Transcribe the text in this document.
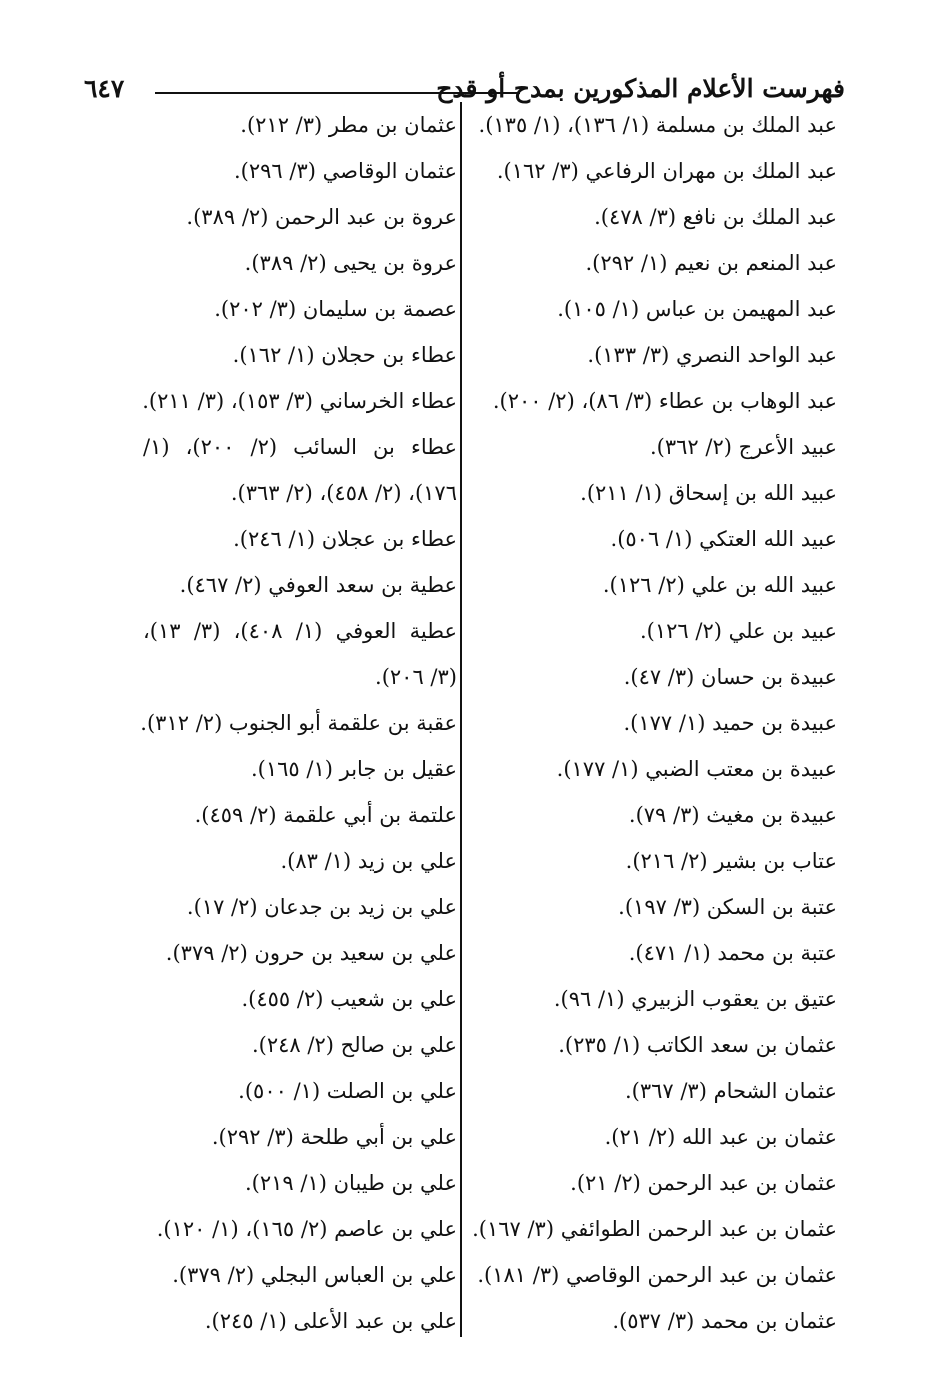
فهرست الأعلام المذكورين بمدح أو قدح
٦٤٧
عبد الملك بن مسلمة (١/ ١٣٦)، (١/ ١٣٥).
عبد الملك بن مهران الرفاعي (٣/ ١٦٢).
عبد الملك بن نافع (٣/ ٤٧٨).
عبد المنعم بن نعيم (١/ ٢٩٢).
عبد المهيمن بن عباس (١/ ١٠٥).
عبد الواحد النصري (٣/ ١٣٣).
عبد الوهاب بن عطاء (٣/ ٨٦)، (٢/ ٢٠٠).
عبيد الأعرج (٢/ ٣٦٢).
عبيد الله بن إسحاق (١/ ٢١١).
عبيد الله العتكي (١/ ٥٠٦).
عبيد الله بن علي (٢/ ١٢٦).
عبيد بن علي (٢/ ١٢٦).
عبيدة بن حسان (٣/ ٤٧).
عبيدة بن حميد (١/ ١٧٧).
عبيدة بن معتب الضبي (١/ ١٧٧).
عبيدة بن مغيث (٣/ ٧٩).
عتاب بن بشير (٢/ ٢١٦).
عتبة بن السكن (٣/ ١٩٧).
عتبة بن محمد (١/ ٤٧١).
عتيق بن يعقوب الزبيري (١/ ٩٦).
عثمان بن سعد الكاتب (١/ ٢٣٥).
عثمان الشحام (٣/ ٣٦٧).
عثمان بن عبد الله (٢/ ٢١).
عثمان بن عبد الرحمن (٢/ ٢١).
عثمان بن عبد الرحمن الطوائفي (٣/ ١٦٧).
عثمان بن عبد الرحمن الوقاصي (٣/ ١٨١).
عثمان بن محمد (٣/ ٥٣٧).
عثمان بن مطر (٣/ ٢١٢).
عثمان الوقاصي (٣/ ٢٩٦).
عروة بن عبد الرحمن (٢/ ٣٨٩).
عروة بن يحيى (٢/ ٣٨٩).
عصمة بن سليمان (٣/ ٢٠٢).
عطاء بن حجلان (١/ ١٦٢).
عطاء الخرساني (٣/ ١٥٣)، (٣/ ٢١١).
عطاء بن السائب (٢/ ٢٠٠)، (١/ ١٧٦)، (٢/ ٤٥٨)، (٢/ ٣٦٣).
عطاء بن عجلان (١/ ٢٤٦).
عطية بن سعد العوفي (٢/ ٤٦٧).
عطية العوفي (١/ ٤٠٨)، (٣/ ١٣)، (٣/ ٢٠٦).
عقبة بن علقمة أبو الجنوب (٢/ ٣١٢).
عقيل بن جابر (١/ ١٦٥).
علتمة بن أبي علقمة (٢/ ٤٥٩).
علي بن زيد (١/ ٨٣).
علي بن زيد بن جدعان (٢/ ١٧).
علي بن سعيد بن حرون (٢/ ٣٧٩).
علي بن شعيب (٢/ ٤٥٥).
علي بن صالح (٢/ ٢٤٨).
علي بن الصلت (١/ ٥٠٠).
علي بن أبي طلحة (٣/ ٢٩٢).
علي بن طيبان (١/ ٢١٩).
علي بن عاصم (٢/ ١٦٥)، (١/ ١٢٠).
علي بن العباس البجلي (٢/ ٣٧٩).
علي بن عبد الأعلى (١/ ٢٤٥).
